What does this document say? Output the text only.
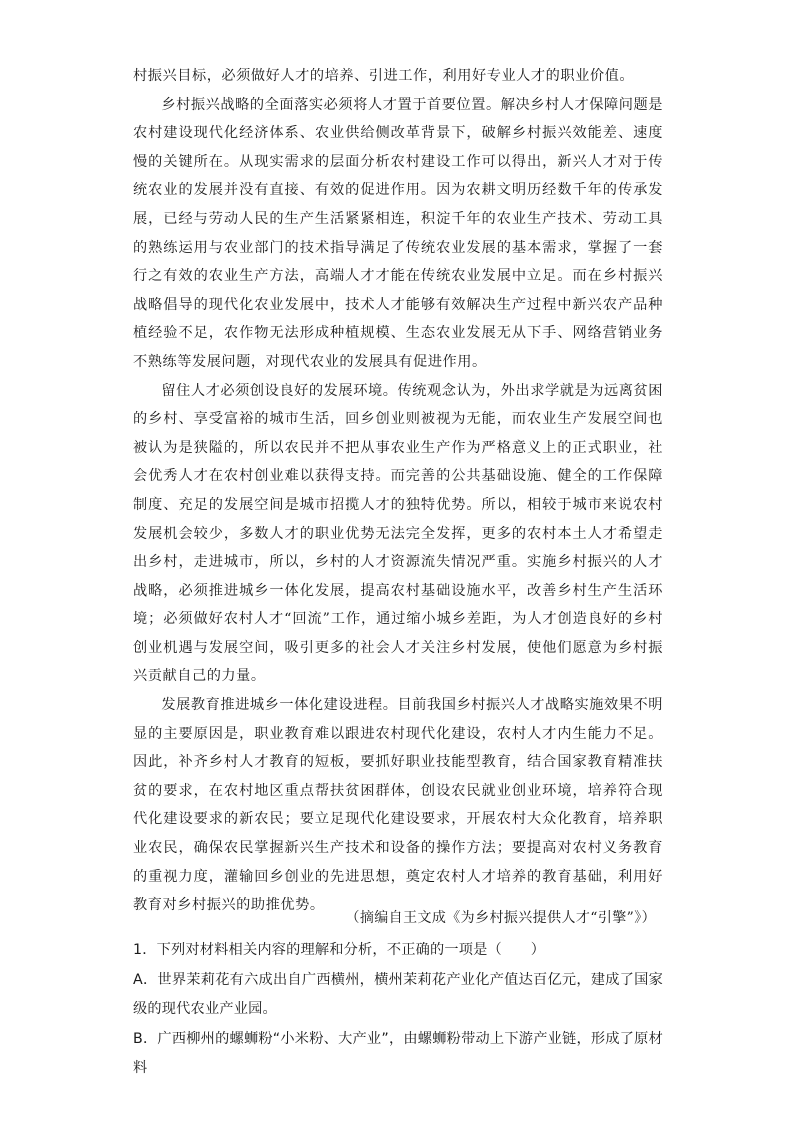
村振兴目标，必须做好人才的培养、引进工作，利用好专业人才的职业价值。

乡村振兴战略的全面落实必须将人才置于首要位置。解决乡村人才保障问题是农村建设现代化经济体系、农业供给侧改革背景下，破解乡村振兴效能差、速度慢的关键所在。从现实需求的层面分析农村建设工作可以得出，新兴人才对于传统农业的发展并没有直接、有效的促进作用。因为农耕文明历经数千年的传承发展，已经与劳动人民的生产生活紧紧相连，积淀千年的农业生产技术、劳动工具的熟练运用与农业部门的技术指导满足了传统农业发展的基本需求，掌握了一套行之有效的农业生产方法，高端人才才能在传统农业发展中立足。而在乡村振兴战略倡导的现代化农业发展中，技术人才能够有效解决生产过程中新兴农产品种植经验不足，农作物无法形成种植规模、生态农业发展无从下手、网络营销业务不熟练等发展问题，对现代农业的发展具有促进作用。

留住人才必须创设良好的发展环境。传统观念认为，外出求学就是为远离贫困的乡村、享受富裕的城市生活，回乡创业则被视为无能，而农业生产发展空间也被认为是狭隘的，所以农民并不把从事农业生产作为严格意义上的正式职业，社会优秀人才在农村创业难以获得支持。而完善的公共基础设施、健全的工作保障制度、充足的发展空间是城市招揽人才的独特优势。所以，相较于城市来说农村发展机会较少，多数人才的职业优势无法完全发挥，更多的农村本土人才希望走出乡村，走进城市，所以，乡村的人才资源流失情况严重。实施乡村振兴的人才战略，必须推进城乡一体化发展，提高农村基础设施水平，改善乡村生产生活环境；必须做好农村人才“回流”工作，通过缩小城乡差距，为人才创造良好的乡村创业机遇与发展空间，吸引更多的社会人才关注乡村发展，使他们愿意为乡村振兴贡献自己的力量。

发展教育推进城乡一体化建设进程。目前我国乡村振兴人才战略实施效果不明显的主要原因是，职业教育难以跟进农村现代化建设，农村人才内生能力不足。因此，补齐乡村人才教育的短板，要抓好职业技能型教育，结合国家教育精准扶贫的要求，在农村地区重点帮扶贫困群体，创设农民就业创业环境，培养符合现代化建设要求的新农民；要立足现代化建设要求，开展农村大众化教育，培养职业农民，确保农民掌握新兴生产技术和设备的操作方法；要提高对农村义务教育的重视力度，灌输回乡创业的先进思想，奠定农村人才培养的教育基础，利用好教育对乡村振兴的助推优势。

（摘编自王文成《为乡村振兴提供人才“引擎”》）

1．下列对材料相关内容的理解和分析，不正确的一项是（　　）

A．世界茉莉花有六成出自广西横州，横州茉莉花产业化产值达百亿元，建成了国家级的现代农业产业园。

B．广西柳州的螺蛳粉“小米粉、大产业”，由螺蛳粉带动上下游产业链，形成了原材料
